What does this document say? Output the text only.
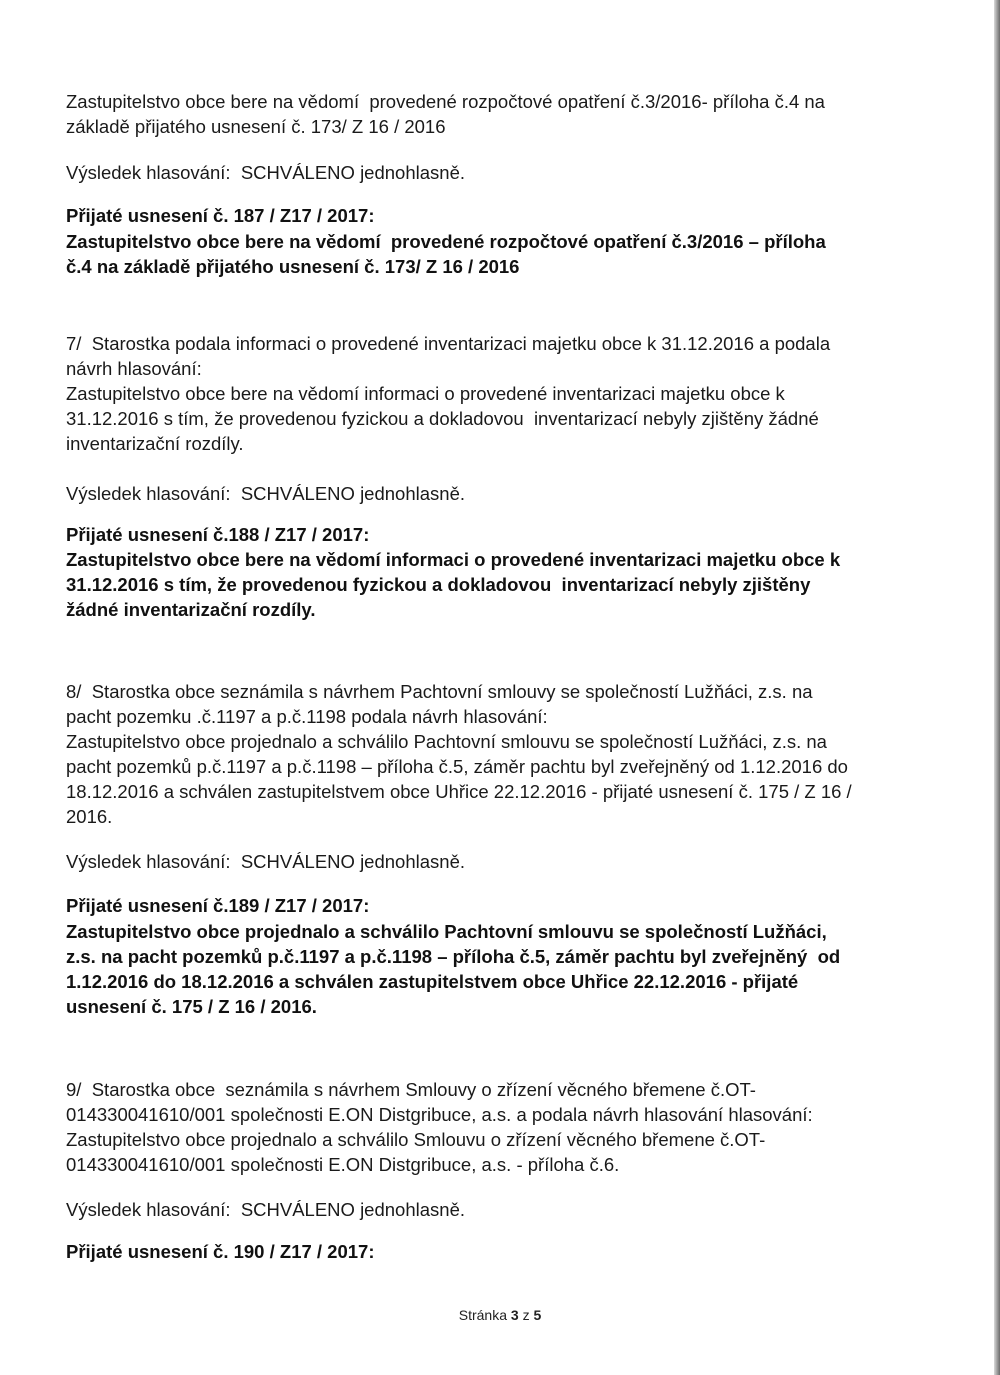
Zastupitelstvo obce bere na vědomí  provedené rozpočtové opatření č.3/2016- příloha č.4 na
základě přijatého usnesení č. 173/ Z 16 / 2016

Výsledek hlasování:  SCHVÁLENO jednohlasně.

Přijaté usnesení č. 187 / Z17 / 2017:

Zastupitelstvo obce bere na vědomí  provedené rozpočtové opatření č.3/2016 – příloha
č.4 na základě přijatého usnesení č. 173/ Z 16 / 2016

7/  Starostka podala informaci o provedené inventarizaci majetku obce k 31.12.2016 a podala
návrh hlasování:
Zastupitelstvo obce bere na vědomí informaci o provedené inventarizaci majetku obce k
31.12.2016 s tím, že provedenou fyzickou a dokladovou  inventarizací nebyly zjištěny žádné
inventarizační rozdíly.

Výsledek hlasování:  SCHVÁLENO jednohlasně.

Přijaté usnesení č.188 / Z17 / 2017:

Zastupitelstvo obce bere na vědomí informaci o provedené inventarizaci majetku obce k
31.12.2016 s tím, že provedenou fyzickou a dokladovou  inventarizací nebyly zjištěny
žádné inventarizační rozdíly.

8/  Starostka obce seznámila s návrhem Pachtovní smlouvy se společností Lužňáci, z.s. na
pacht pozemku .č.1197 a p.č.1198 podala návrh hlasování:
Zastupitelstvo obce projednalo a schválilo Pachtovní smlouvu se společností Lužňáci, z.s. na
pacht pozemků p.č.1197 a p.č.1198 – příloha č.5, záměr pachtu byl zveřejněný od 1.12.2016 do
18.12.2016 a schválen zastupitelstvem obce Uhřice 22.12.2016 - přijaté usnesení č. 175 / Z 16 /
2016.

Výsledek hlasování:  SCHVÁLENO jednohlasně.

Přijaté usnesení č.189 / Z17 / 2017:

Zastupitelstvo obce projednalo a schválilo Pachtovní smlouvu se společností Lužňáci,
z.s. na pacht pozemků p.č.1197 a p.č.1198 – příloha č.5, záměr pachtu byl zveřejněný  od
1.12.2016 do 18.12.2016 a schválen zastupitelstvem obce Uhřice 22.12.2016 - přijaté
usnesení č. 175 / Z 16 / 2016.

9/  Starostka obce  seznámila s návrhem Smlouvy o zřízení věcného břemene č.OT-
014330041610/001 společnosti E.ON Distgribuce, a.s. a podala návrh hlasování hlasování:
Zastupitelstvo obce projednalo a schválilo Smlouvu o zřízení věcného břemene č.OT-
014330041610/001 společnosti E.ON Distgribuce, a.s. - příloha č.6.

Výsledek hlasování:  SCHVÁLENO jednohlasně.

Přijaté usnesení č. 190 / Z17 / 2017:

Stránka 3 z 5
